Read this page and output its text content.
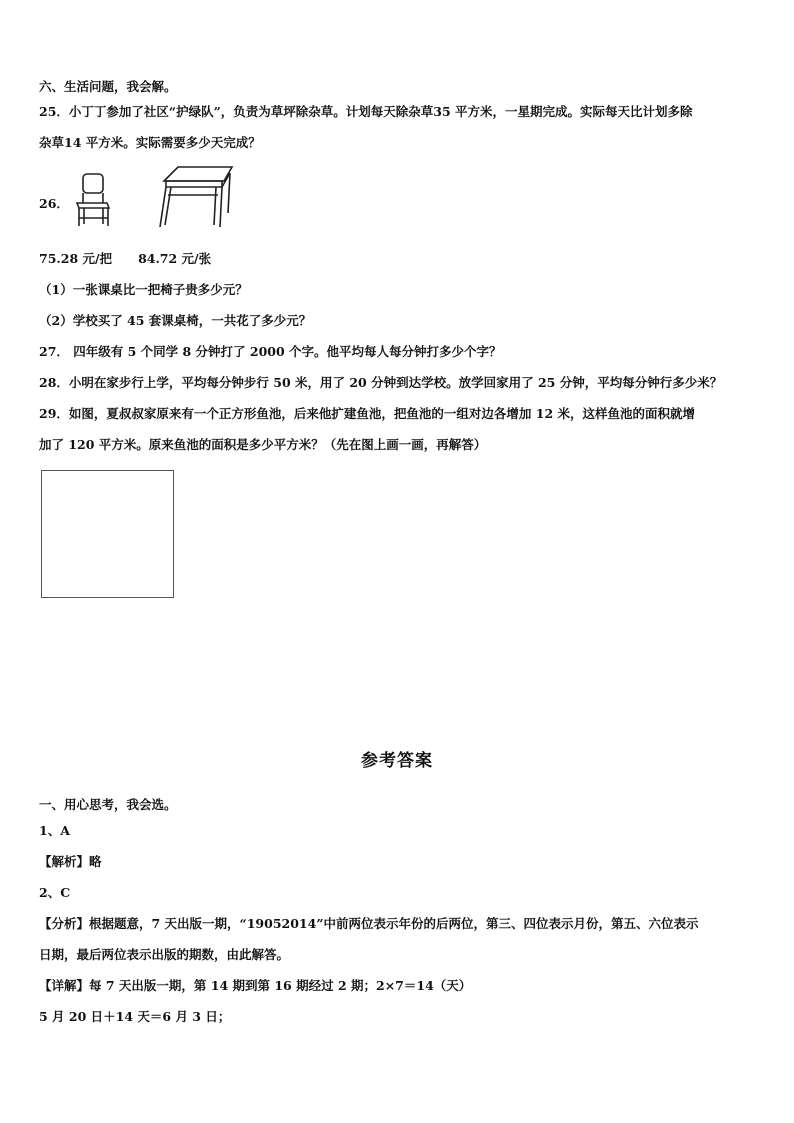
六、生活问题，我会解。
25．小丁丁参加了社区“护绿队”，负责为草坪除杂草。计划每天除杂草35 平方米，一星期完成。实际每天比计划多除
杂草14 平方米。实际需要多少天完成？
26．
75.28 元/把 84.72 元/张
（1）一张课桌比一把椅子贵多少元？
（2）学校买了 45 套课桌椅，一共花了多少元？
27． 四年级有 5 个同学 8 分钟打了 2000 个字。他平均每人每分钟打多少个字？
28．小明在家步行上学，平均每分钟步行 50 米，用了 20 分钟到达学校。放学回家用了 25 分钟，平均每分钟行多少米？
29．如图，夏叔叔家原来有一个正方形鱼池，后来他扩建鱼池，把鱼池的一组对边各增加 12 米，这样鱼池的面积就增
加了 120 平方米。原来鱼池的面积是多少平方米？（先在图上画一画，再解答）
参考答案
一、用心思考，我会选。
1、A
【解析】略
2、C
【分析】根据题意，7 天出版一期，“19052014”中前两位表示年份的后两位，第三、四位表示月份，第五、六位表示
日期，最后两位表示出版的期数，由此解答。
【详解】每 7 天出版一期，第 14 期到第 16 期经过 2 期；2×7＝14（天）
5 月 20 日＋14 天＝6 月 3 日；
